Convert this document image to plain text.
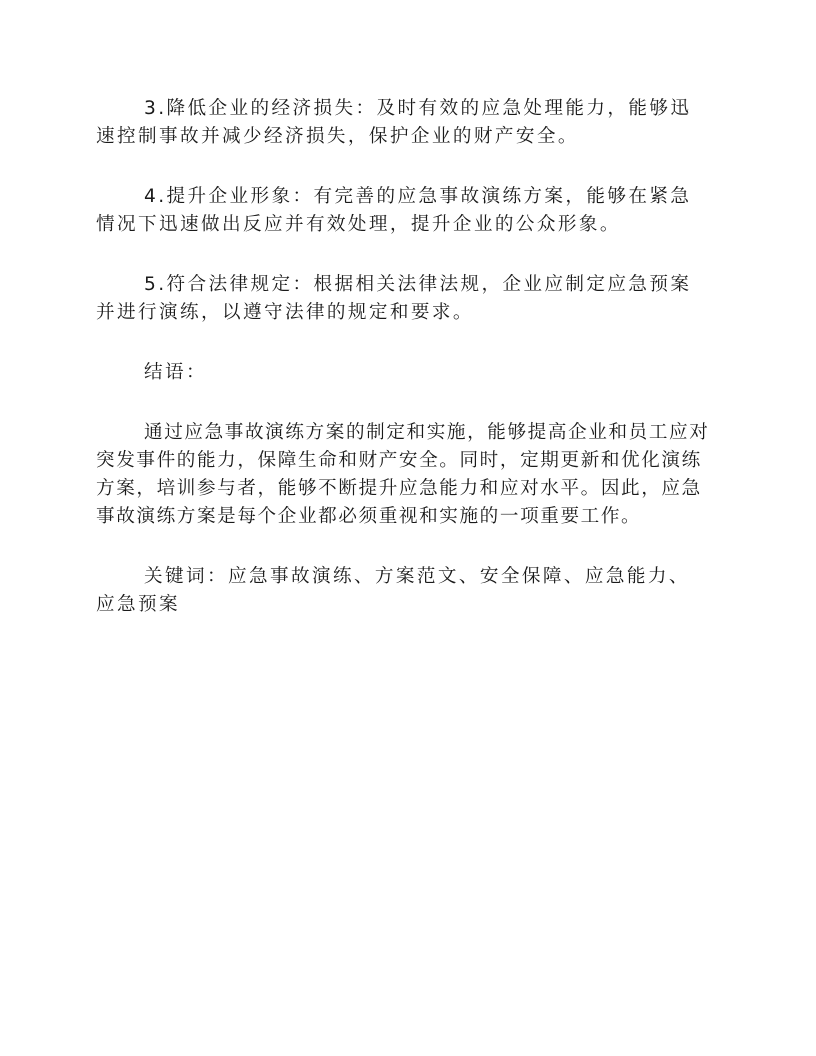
3.降低企业的经济损失：及时有效的应急处理能力，能够迅速控制事故并减少经济损失，保护企业的财产安全。

4.提升企业形象：有完善的应急事故演练方案，能够在紧急情况下迅速做出反应并有效处理，提升企业的公众形象。

5.符合法律规定：根据相关法律法规，企业应制定应急预案并进行演练，以遵守法律的规定和要求。

结语：

通过应急事故演练方案的制定和实施，能够提高企业和员工应对突发事件的能力，保障生命和财产安全。同时，定期更新和优化演练方案，培训参与者，能够不断提升应急能力和应对水平。因此，应急事故演练方案是每个企业都必须重视和实施的一项重要工作。

关键词：应急事故演练、方案范文、安全保障、应急能力、应急预案
